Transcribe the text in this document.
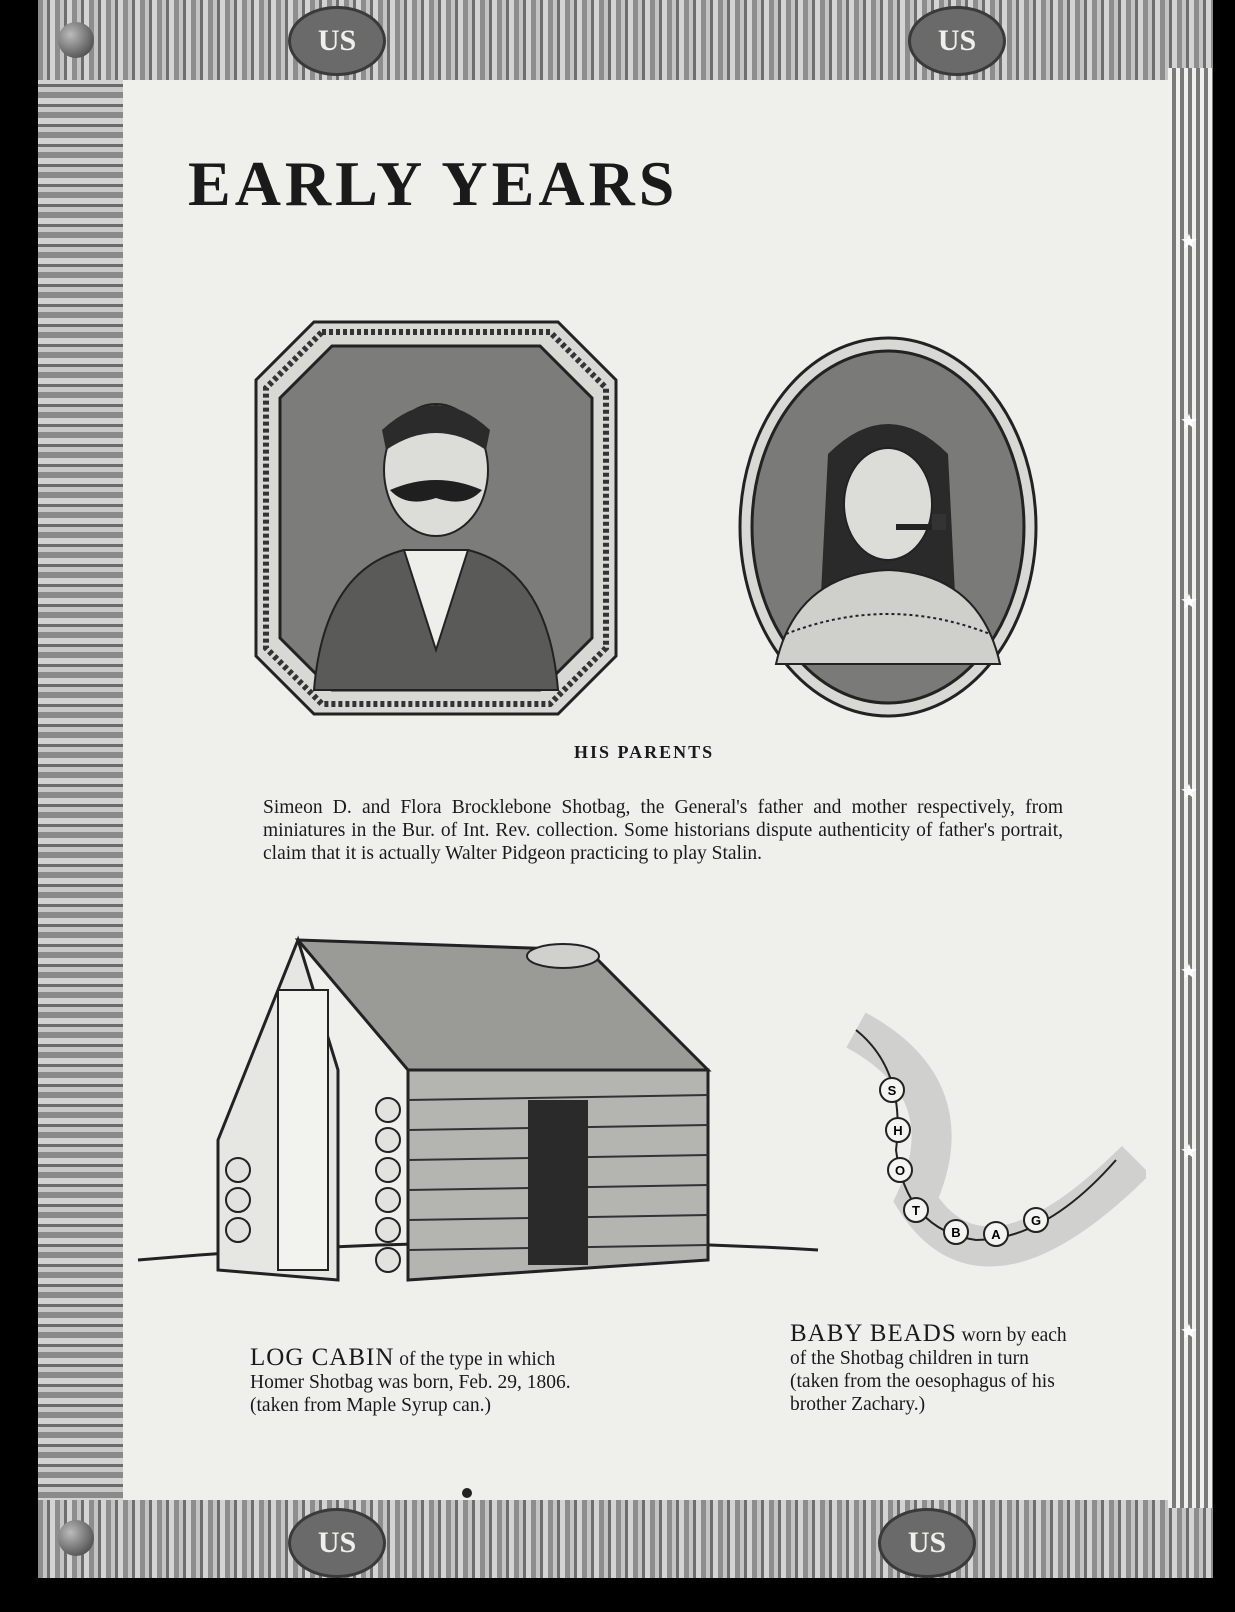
US	US
US	US
★
★
★
★
★
★
★
EARLY YEARS
HIS PARENTS
Simeon D. and Flora Brocklebone Shotbag, the General's father and mother respectively, from miniatures in the Bur. of Int. Rev. collection. Some historians dispute authenticity of father's portrait, claim that it is actually Walter Pidgeon practicing to play Stalin.
S
H
O
T
B A
G
LOG CABIN of the type in which
Homer Shotbag was born, Feb. 29, 1806.
(taken from Maple Syrup can.)
BABY BEADS worn by each
of the Shotbag children in turn
(taken from the oesophagus of his
brother Zachary.)
